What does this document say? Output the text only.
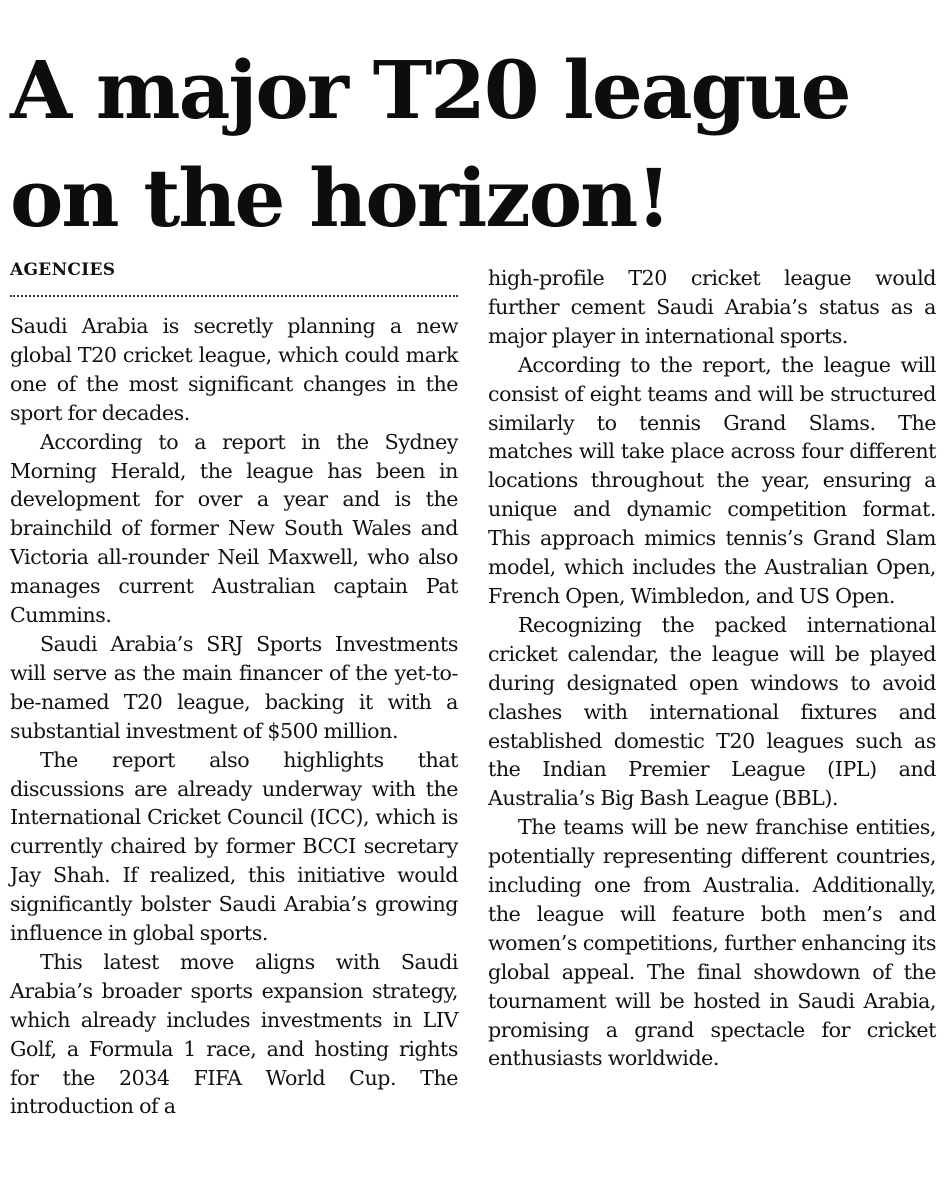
A major T20 league
on the horizon!
AGENCIES

Saudi Arabia is secretly planning a new global T20 cricket league, which could mark one of the most significant changes in the sport for decades.

According to a report in the Sydney Morning Herald, the league has been in development for over a year and is the brainchild of former New South Wales and Victoria all-rounder Neil Maxwell, who also manages current Australian captain Pat Cummins.

Saudi Arabia’s SRJ Sports Investments will serve as the main financer of the yet-to-be-named T20 league, backing it with a substantial investment of $500 million.

The report also highlights that discussions are already underway with the International Cricket Council (ICC), which is currently chaired by former BCCI secretary Jay Shah. If realized, this initiative would significantly bolster Saudi Arabia’s growing influence in global sports.

This latest move aligns with Saudi Arabia’s broader sports expansion strategy, which already includes investments in LIV Golf, a Formula 1 race, and hosting rights for the 2034 FIFA World Cup. The introduction of a

high-profile T20 cricket league would further cement Saudi Arabia’s status as a major player in international sports.

According to the report, the league will consist of eight teams and will be structured similarly to tennis Grand Slams. The matches will take place across four different locations throughout the year, ensuring a unique and dynamic competition format. This approach mimics tennis’s Grand Slam model, which includes the Australian Open, French Open, Wimbledon, and US Open.

Recognizing the packed international cricket calendar, the league will be played during designated open windows to avoid clashes with international fixtures and established domestic T20 leagues such as the Indian Premier League (IPL) and Australia’s Big Bash League (BBL).

The teams will be new franchise entities, potentially representing different countries, including one from Australia. Additionally, the league will feature both men’s and women’s competitions, further enhancing its global appeal. The final showdown of the tournament will be hosted in Saudi Arabia, promising a grand spectacle for cricket enthusiasts worldwide.
